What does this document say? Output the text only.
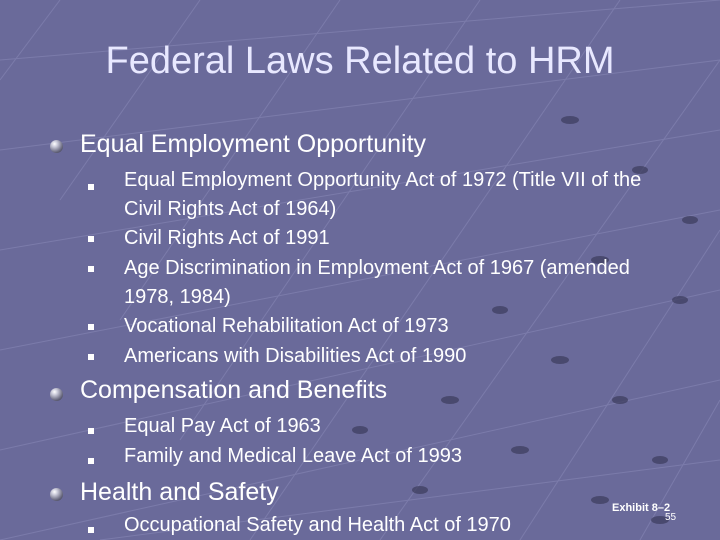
Federal Laws Related to HRM
Equal Employment Opportunity
Equal Employment Opportunity Act of 1972 (Title VII of the Civil Rights Act of 1964)
Civil Rights Act of 1991
Age Discrimination in Employment Act of 1967 (amended 1978, 1984)
Vocational Rehabilitation Act of 1973
Americans with Disabilities Act of 1990
Compensation and Benefits
Equal Pay Act of 1963
Family and Medical Leave Act of 1993
Health and Safety
Occupational Safety and Health Act of 1970
Exhibit 8–2
55
